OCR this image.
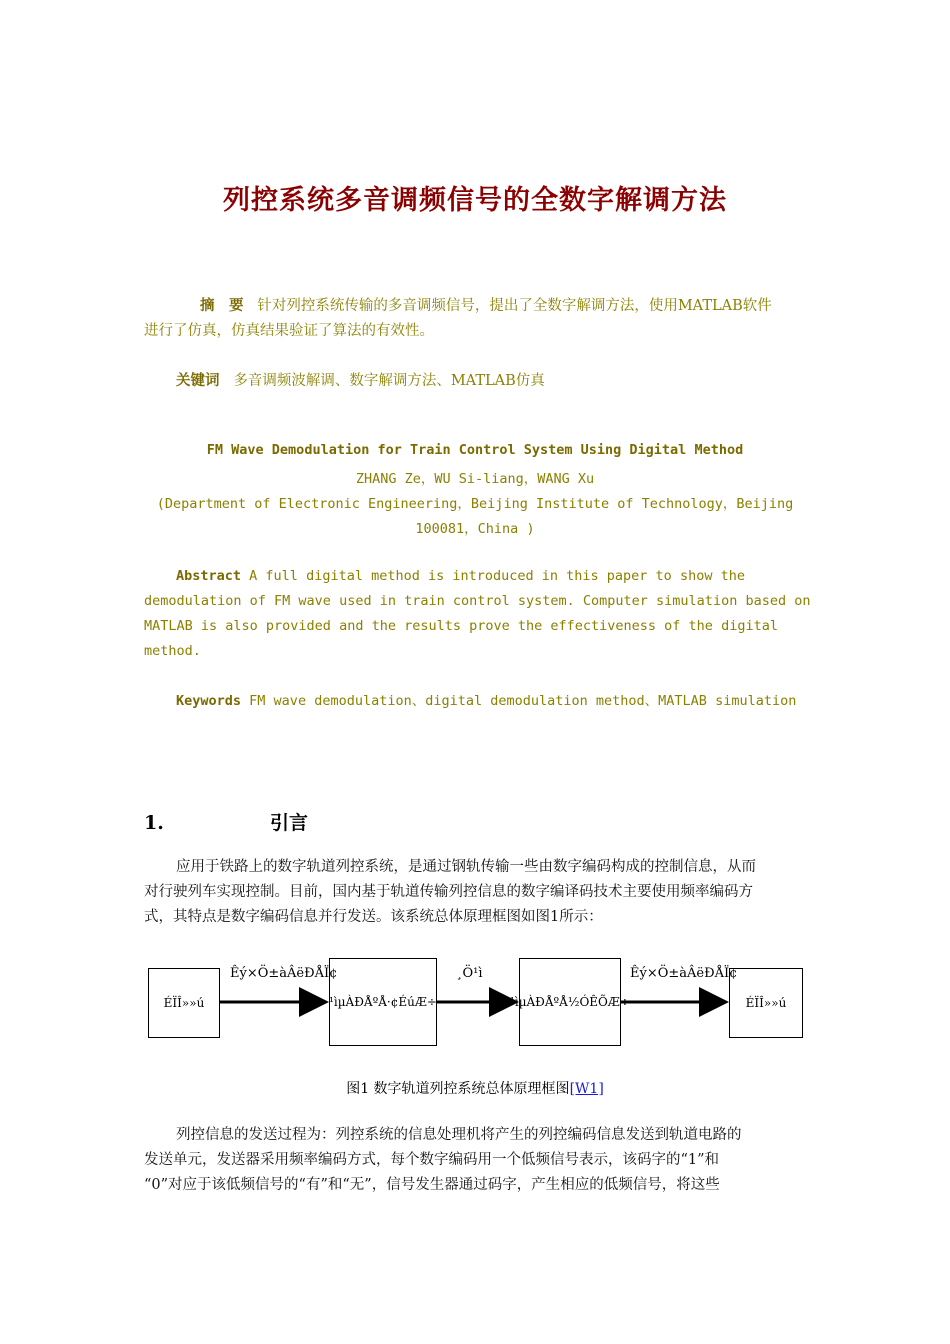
列控系统多音调频信号的全数字解调方法
摘　要 针对列控系统传输的多音调频信号，提出了全数字解调方法，使用MATLAB软件
进行了仿真，仿真结果验证了算法的有效性。
关键词 多音调频波解调、数字解调方法、MATLAB仿真
FM Wave Demodulation for Train Control System Using Digital Method
ZHANG Ze，WU Si-liang，WANG Xu
(Department of Electronic Engineering，Beijing Institute of Technology，Beijing
100081，China )
Abstract A full digital method is introduced in this paper to show the
demodulation of FM wave used in train control system. Computer simulation based on
MATLAB is also provided and the results prove the effectiveness of the digital
method.
Keywords FM wave demodulation、digital demodulation method、MATLAB simulation
1.	引言
应用于铁路上的数字轨道列控系统，是通过钢轨传输一些由数字编码构成的控制信息，从而
对行驶列车实现控制。目前，国内基于轨道传输列控信息的数字编译码技术主要使用频率编码方
式，其特点是数字编码信息并行发送。该系统总体原理框图如图1所示：
ÉÏÎ»»ú	¹ìµÀÐÅºÅ·¢ÉúÆ÷	¹ìµÀÐÅºÅ½ÓÊÕÆ÷	ÉÏÎ»»ú
Êý×Ö±àÂëÐÅÏ¢	¸Ö¹ì	Êý×Ö±àÂëÐÅÏ¢
图1 数字轨道列控系统总体原理框图[W1]
列控信息的发送过程为：列控系统的信息处理机将产生的列控编码信息发送到轨道电路的
发送单元，发送器采用频率编码方式，每个数字编码用一个低频信号表示，该码字的“1”和
“0”对应于该低频信号的“有”和“无”，信号发生器通过码字，产生相应的低频信号，将这些
